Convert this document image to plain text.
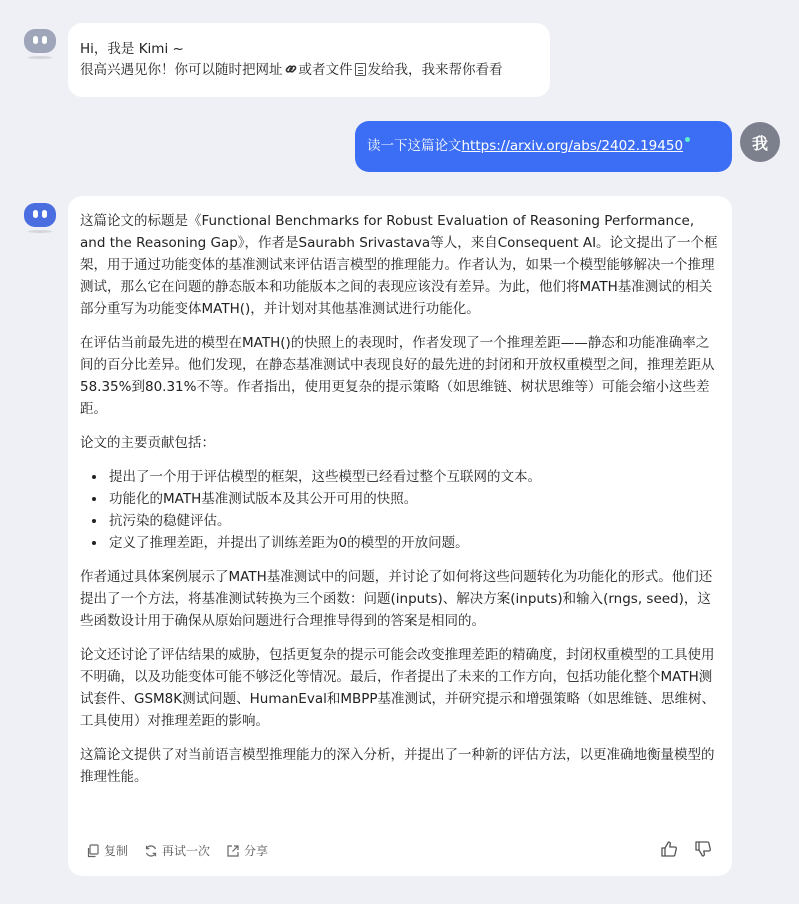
Hi，我是 Kimi ~
很高兴遇见你！你可以随时把网址 或者文件 发给我，我来帮你看看
读一下这篇论文https://arxiv.org/abs/2402.19450	我

这篇论文的标题是《Functional Benchmarks for Robust Evaluation of Reasoning Performance, and the Reasoning Gap》，作者是Saurabh Srivastava等人，来自Consequent AI。论文提出了一个框架，用于通过功能变体的基准测试来评估语言模型的推理能力。作者认为，如果一个模型能够解决一个推理测试，那么它在问题的静态版本和功能版本之间的表现应该没有差异。为此，他们将MATH基准测试的相关部分重写为功能变体MATH()，并计划对其他基准测试进行功能化。

在评估当前最先进的模型在MATH()的快照上的表现时，作者发现了一个推理差距——静态和功能准确率之间的百分比差异。他们发现，在静态基准测试中表现良好的最先进的封闭和开放权重模型之间，推理差距从58.35%到80.31%不等。作者指出，使用更复杂的提示策略（如思维链、树状思维等）可能会缩小这些差距。

论文的主要贡献包括：

• 提出了一个用于评估模型的框架，这些模型已经看过整个互联网的文本。
• 功能化的MATH基准测试版本及其公开可用的快照。
• 抗污染的稳健评估。
• 定义了推理差距，并提出了训练差距为0的模型的开放问题。

作者通过具体案例展示了MATH基准测试中的问题，并讨论了如何将这些问题转化为功能化的形式。他们还提出了一个方法，将基准测试转换为三个函数：问题(inputs)、解决方案(inputs)和输入(rngs, seed)，这些函数设计用于确保从原始问题进行合理推导得到的答案是相同的。

论文还讨论了评估结果的威胁，包括更复杂的提示可能会改变推理差距的精确度，封闭权重模型的工具使用不明确，以及功能变体可能不够泛化等情况。最后，作者提出了未来的工作方向，包括功能化整个MATH测试套件、GSM8K测试问题、HumanEval和MBPP基准测试，并研究提示和增强策略（如思维链、思维树、工具使用）对推理差距的影响。

这篇论文提供了对当前语言模型推理能力的深入分析，并提出了一种新的评估方法，以更准确地衡量模型的推理性能。

复制	再试一次	分享
